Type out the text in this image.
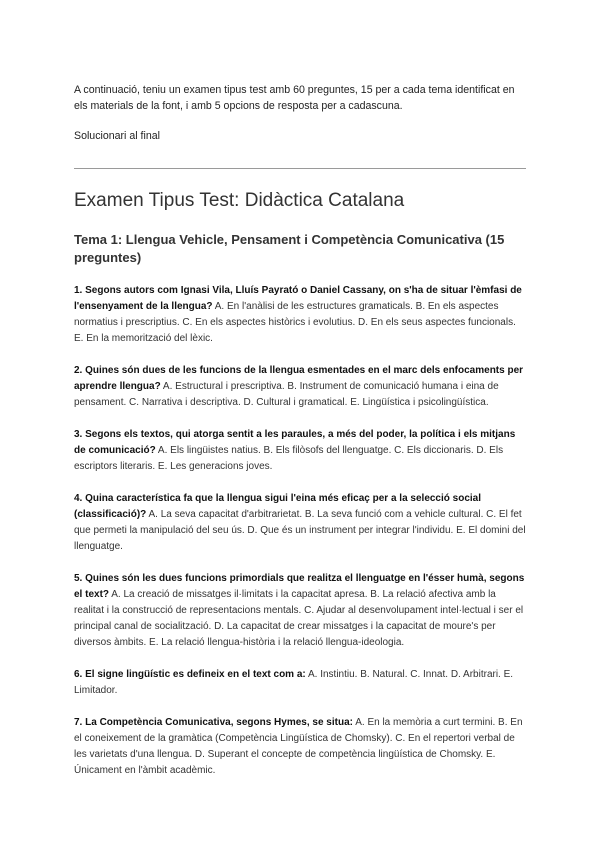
A continuació, teniu un examen tipus test amb 60 preguntes, 15 per a cada tema identificat en els materials de la font, i amb 5 opcions de resposta per a cadascuna.

Solucionari al final

Examen Tipus Test: Didàctica Catalana
Tema 1: Llengua Vehicle, Pensament i Competència Comunicativa (15 preguntes)
1. Segons autors com Ignasi Vila, Lluís Payrató o Daniel Cassany, on s'ha de situar l'èmfasi de l'ensenyament de la llengua? A. En l'anàlisi de les estructures gramaticals. B. En els aspectes normatius i prescriptius. C. En els aspectes històrics i evolutius. D. En els seus aspectes funcionals. E. En la memorització del lèxic.
2. Quines són dues de les funcions de la llengua esmentades en el marc dels enfocaments per aprendre llengua? A. Estructural i prescriptiva. B. Instrument de comunicació humana i eina de pensament. C. Narrativa i descriptiva. D. Cultural i gramatical. E. Lingüística i psicolingüística.
3. Segons els textos, qui atorga sentit a les paraules, a més del poder, la política i els mitjans de comunicació? A. Els lingüistes natius. B. Els filòsofs del llenguatge. C. Els diccionaris. D. Els escriptors literaris. E. Les generacions joves.
4. Quina característica fa que la llengua sigui l'eina més eficaç per a la selecció social (classificació)? A. La seva capacitat d'arbitrarietat. B. La seva funció com a vehicle cultural. C. El fet que permeti la manipulació del seu ús. D. Que és un instrument per integrar l'individu. E. El domini del llenguatge.
5. Quines són les dues funcions primordials que realitza el llenguatge en l'ésser humà, segons el text? A. La creació de missatges il·limitats i la capacitat apresa. B. La relació afectiva amb la realitat i la construcció de representacions mentals. C. Ajudar al desenvolupament intel·lectual i ser el principal canal de socialització. D. La capacitat de crear missatges i la capacitat de moure's per diversos àmbits. E. La relació llengua-història i la relació llengua-ideologia.
6. El signe lingüístic es defineix en el text com a: A. Instintiu. B. Natural. C. Innat. D. Arbitrari. E. Limitador.
7. La Competència Comunicativa, segons Hymes, se situa: A. En la memòria a curt termini. B. En el coneixement de la gramàtica (Competència Lingüística de Chomsky). C. En el repertori verbal de les varietats d'una llengua. D. Superant el concepte de competència lingüística de Chomsky. E. Únicament en l'àmbit acadèmic.
